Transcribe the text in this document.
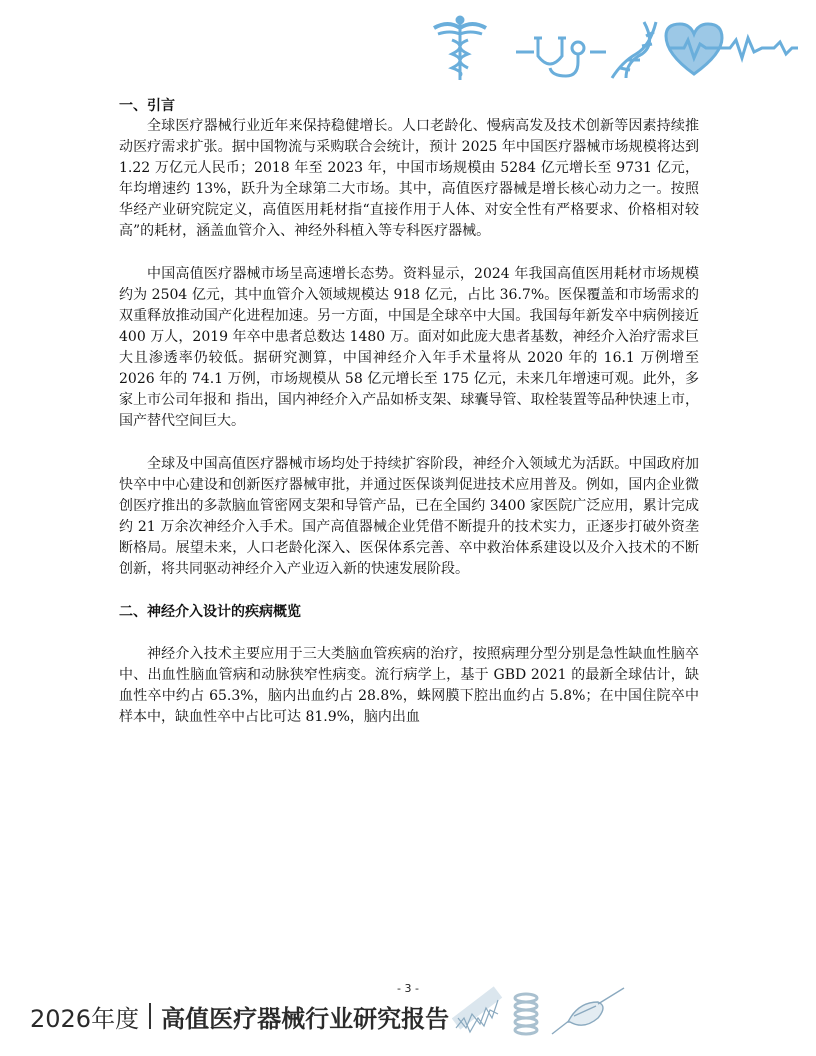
一、引言

全球医疗器械行业近年来保持稳健增长。人口老龄化、慢病高发及技术创新等因素持续推动医疗需求扩张。据中国物流与采购联合会统计，预计 2025 年中国医疗器械市场规模将达到 1.22 万亿元人民币；2018 年至 2023 年，中国市场规模由 5284 亿元增长至 9731 亿元，年均增速约 13%，跃升为全球第二大市场。其中，高值医疗器械是增长核心动力之一。按照华经产业研究院定义，高值医用耗材指“直接作用于人体、对安全性有严格要求、价格相对较高”的耗材，涵盖血管介入、神经外科植入等专科医疗器械。

中国高值医疗器械市场呈高速增长态势。资料显示，2024 年我国高值医用耗材市场规模约为 2504 亿元，其中血管介入领域规模达 918 亿元，占比 36.7%。医保覆盖和市场需求的双重释放推动国产化进程加速。另一方面，中国是全球卒中大国。我国每年新发卒中病例接近 400 万人，2019 年卒中患者总数达 1480 万。面对如此庞大患者基数，神经介入治疗需求巨大且渗透率仍较低。据研究测算，中国神经介入年手术量将从 2020 年的 16.1 万例增至 2026 年的 74.1 万例，市场规模从 58 亿元增长至 175 亿元，未来几年增速可观。此外，多家上市公司年报和 指出，国内神经介入产品如桥支架、球囊导管、取栓装置等品种快速上市，国产替代空间巨大。

全球及中国高值医疗器械市场均处于持续扩容阶段，神经介入领域尤为活跃。中国政府加快卒中中心建设和创新医疗器械审批，并通过医保谈判促进技术应用普及。例如，国内企业微创医疗推出的多款脑血管密网支架和导管产品，已在全国约 3400 家医院广泛应用，累计完成约 21 万余次神经介入手术。国产高值器械企业凭借不断提升的技术实力，正逐步打破外资垄断格局。展望未来，人口老龄化深入、医保体系完善、卒中救治体系建设以及介入技术的不断创新，将共同驱动神经介入产业迈入新的快速发展阶段。

二、神经介入设计的疾病概览

神经介入技术主要应用于三大类脑血管疾病的治疗，按照病理分型分别是急性缺血性脑卒中、出血性脑血管病和动脉狭窄性病变。流行病学上，基于 GBD 2021 的最新全球估计，缺血性卒中约占 65.3%，脑内出血约占 28.8%，蛛网膜下腔出血约占 5.8%；在中国住院卒中样本中，缺血性卒中占比可达 81.9%，脑内出血

- 3 -
2026年度 高值医疗器械行业研究报告
